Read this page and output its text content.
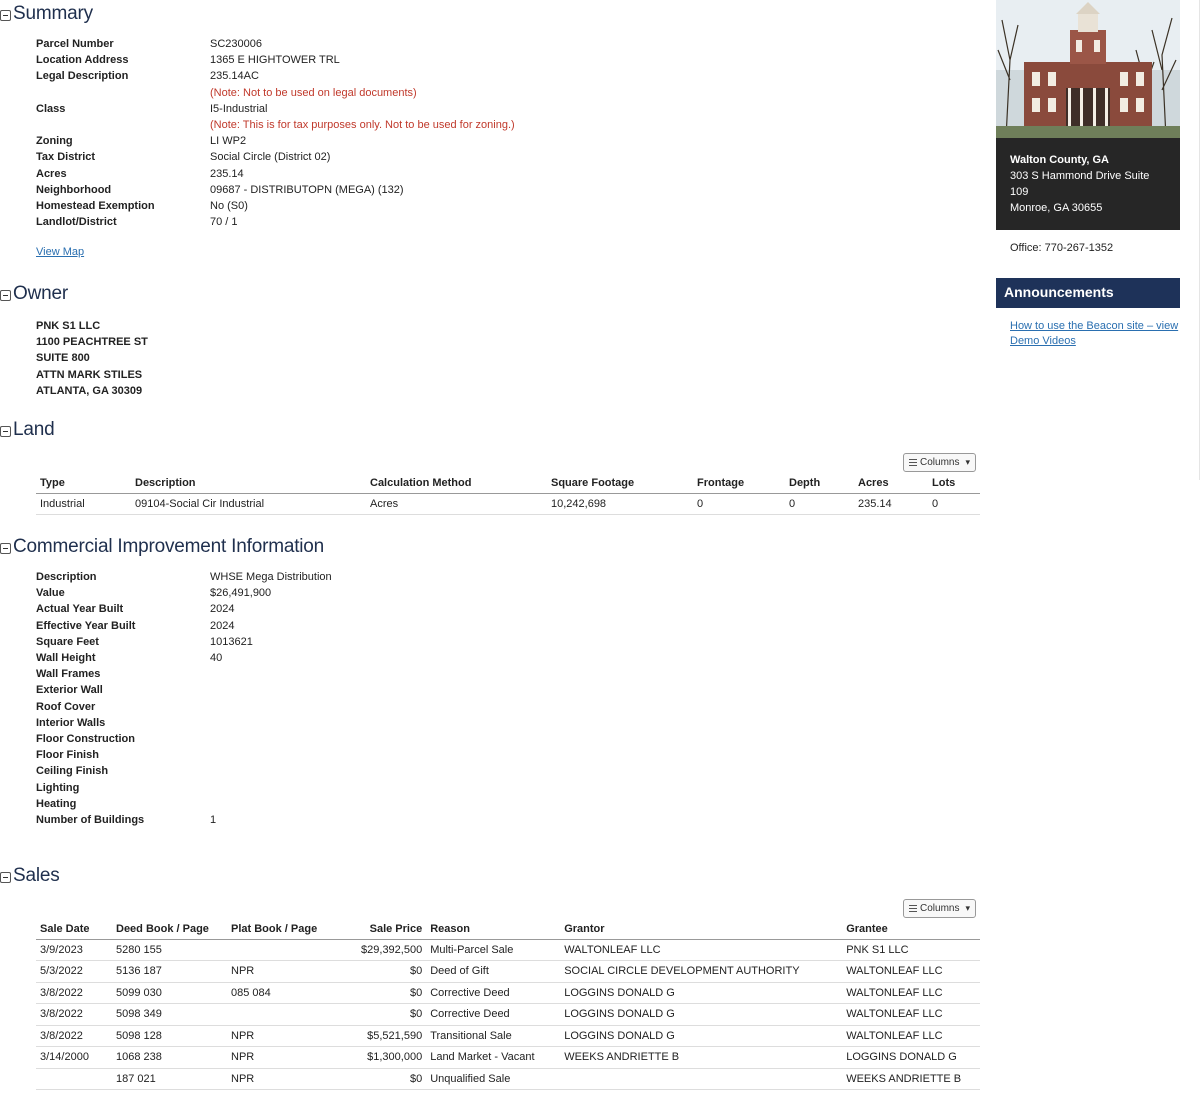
Summary
Parcel Number	SC230006
Location Address	1365 E HIGHTOWER TRL
Legal Description	235.14AC
(Note: Not to be used on legal documents)
Class	I5-Industrial
(Note: This is for tax purposes only. Not to be used for zoning.)
Zoning	LI WP2
Tax District	Social Circle (District 02)
Acres	235.14
Neighborhood	09687 - DISTRIBUTOPN (MEGA) (132)
Homestead Exemption	No (S0)
Landlot/District	70 / 1
View Map
Owner
PNK S1 LLC
1100 PEACHTREE ST
SUITE 800
ATTN MARK STILES
ATLANTA, GA 30309
Land
Columns ▾
Type	Description	Calculation Method	Square Footage	Frontage	Depth	Acres	Lots
Industrial	09104-Social Cir Industrial	Acres	10,242,698	0	0	235.14	0
Commercial Improvement Information
Description	WHSE Mega Distribution
Value	$26,491,900
Actual Year Built	2024
Effective Year Built	2024
Square Feet	1013621
Wall Height	40
Wall Frames
Exterior Wall
Roof Cover
Interior Walls
Floor Construction
Floor Finish
Ceiling Finish
Lighting
Heating
Number of Buildings	1
Sales
Columns ▾
Sale Date	Deed Book / Page	Plat Book / Page	Sale Price	Reason	Grantor	Grantee
3/9/2023	5280 155		$29,392,500	Multi-Parcel Sale	WALTONLEAF LLC	PNK S1 LLC
5/3/2022	5136 187	NPR	$0	Deed of Gift	SOCIAL CIRCLE DEVELOPMENT AUTHORITY	WALTONLEAF LLC
3/8/2022	5099 030	085 084	$0	Corrective Deed	LOGGINS DONALD G	WALTONLEAF LLC
3/8/2022	5098 349		$0	Corrective Deed	LOGGINS DONALD G	WALTONLEAF LLC
3/8/2022	5098 128	NPR	$5,521,590	Transitional Sale	LOGGINS DONALD G	WALTONLEAF LLC
3/14/2000	1068 238	NPR	$1,300,000	Land Market - Vacant	WEEKS ANDRIETTE B	LOGGINS DONALD G
	187 021	NPR	$0	Unqualified Sale		WEEKS ANDRIETTE B
Walton County, GA
303 S Hammond Drive Suite
109
Monroe, GA 30655
Office: 770-267-1352
Announcements
How to use the Beacon site – view Demo Videos
